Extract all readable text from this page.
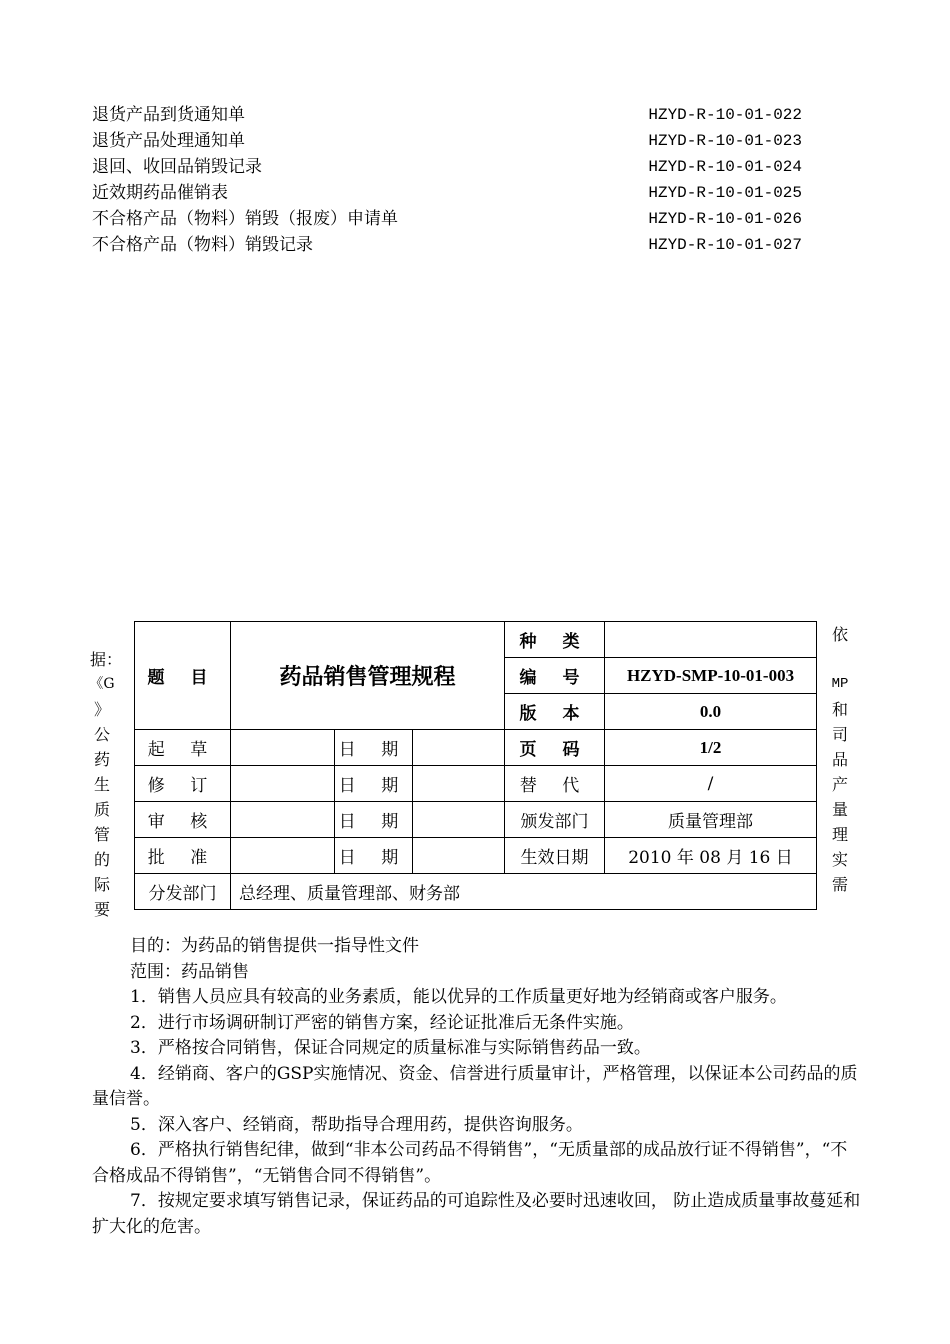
退货产品到货通知单	HZYD-R-10-01-022
退货产品处理通知单	HZYD-R-10-01-023
退回、收回品销毁记录	HZYD-R-10-01-024
近效期药品催销表	HZYD-R-10-01-025
不合格产品（物料）销毁（报废）申请单	HZYD-R-10-01-026
不合格产品（物料）销毁记录	HZYD-R-10-01-027
据：
《G
》
公
药
生
质
管
的
际
要
依
MP
和
司
品
产
量
理
实
需
题 目	药品销售管理规程			种 类	
				编 号	HZYD-SMP-10-01-003
				版 本	0.0
起 草		日 期		页 码	1/2
修 订		日 期		替 代	/
审 核		日 期		颁发部门	质量管理部
批 准		日 期		生效日期	2010 年 08 月 16 日
分发部门	总经理、质量管理部、财务部				

目的：为药品的销售提供一指导性文件

范围：药品销售

1．销售人员应具有较高的业务素质，能以优异的工作质量更好地为经销商或客户服务。

2．进行市场调研制订严密的销售方案，经论证批准后无条件实施。

3．严格按合同销售，保证合同规定的质量标准与实际销售药品一致。

4．经销商、客户的GSP实施情况、资金、信誉进行质量审计，严格管理，以保证本公司药品的质量信誉。

5．深入客户、经销商，帮助指导合理用药，提供咨询服务。

6．严格执行销售纪律，做到“非本公司药品不得销售”，“无质量部的成品放行证不得销售”，“不合格成品不得销售”，“无销售合同不得销售”。

7．按规定要求填写销售记录，保证药品的可追踪性及必要时迅速收回， 防止造成质量事故蔓延和扩大化的危害。
